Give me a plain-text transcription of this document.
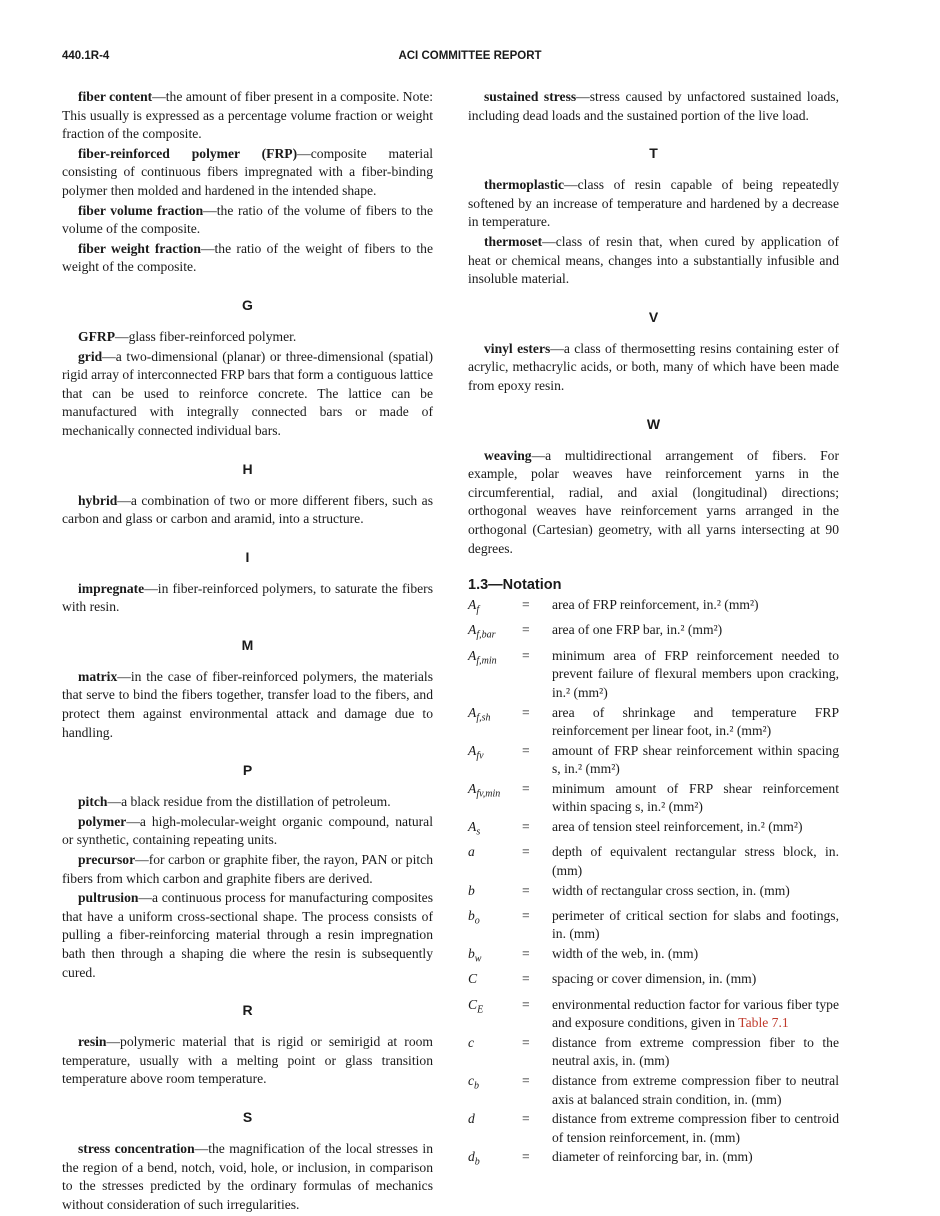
440.1R-4	ACI COMMITTEE REPORT

fiber content—the amount of fiber present in a composite. Note: This usually is expressed as a percentage volume fraction or weight fraction of the composite.

fiber-reinforced polymer (FRP)—composite material consisting of continuous fibers impregnated with a fiber-binding polymer then molded and hardened in the intended shape.

fiber volume fraction—the ratio of the volume of fibers to the volume of the composite.

fiber weight fraction—the ratio of the weight of fibers to the weight of the composite.

G

GFRP—glass fiber-reinforced polymer.

grid—a two-dimensional (planar) or three-dimensional (spatial) rigid array of interconnected FRP bars that form a contiguous lattice that can be used to reinforce concrete. The lattice can be manufactured with integrally connected bars or made of mechanically connected individual bars.

H

hybrid—a combination of two or more different fibers, such as carbon and glass or carbon and aramid, into a structure.

I

impregnate—in fiber-reinforced polymers, to saturate the fibers with resin.

M

matrix—in the case of fiber-reinforced polymers, the materials that serve to bind the fibers together, transfer load to the fibers, and protect them against environmental attack and damage due to handling.

P

pitch—a black residue from the distillation of petroleum.

polymer—a high-molecular-weight organic compound, natural or synthetic, containing repeating units.

precursor—for carbon or graphite fiber, the rayon, PAN or pitch fibers from which carbon and graphite fibers are derived.

pultrusion—a continuous process for manufacturing composites that have a uniform cross-sectional shape. The process consists of pulling a fiber-reinforcing material through a resin impregnation bath then through a shaping die where the resin is subsequently cured.

R

resin—polymeric material that is rigid or semirigid at room temperature, usually with a melting point or glass transition temperature above room temperature.

S

stress concentration—the magnification of the local stresses in the region of a bend, notch, void, hole, or inclusion, in comparison to the stresses predicted by the ordinary formulas of mechanics without consideration of such irregularities.

sustained stress—stress caused by unfactored sustained loads, including dead loads and the sustained portion of the live load.

T

thermoplastic—class of resin capable of being repeatedly softened by an increase of temperature and hardened by a decrease in temperature.

thermoset—class of resin that, when cured by application of heat or chemical means, changes into a substantially infusible and insoluble material.

V

vinyl esters—a class of thermosetting resins containing ester of acrylic, methacrylic acids, or both, many of which have been made from epoxy resin.

W

weaving—a multidirectional arrangement of fibers. For example, polar weaves have reinforcement yarns in the circumferential, radial, and axial (longitudinal) directions; orthogonal weaves have reinforcement yarns arranged in the orthogonal (Cartesian) geometry, with all yarns intersecting at 90 degrees.

1.3—Notation
$A_f$	=	area of FRP reinforcement, in.² (mm²)
$A_{f,bar}$	=	area of one FRP bar, in.² (mm²)
$A_{f,min}$	=	minimum area of FRP reinforcement needed to prevent failure of flexural members upon cracking, in.² (mm²)
$A_{f,sh}$	=	area of shrinkage and temperature FRP reinforcement per linear foot, in.² (mm²)
$A_{fv}$	=	amount of FRP shear reinforcement within spacing s, in.² (mm²)
$A_{fv,min}$	=	minimum amount of FRP shear reinforcement within spacing s, in.² (mm²)
$A_s$	=	area of tension steel reinforcement, in.² (mm²)
a	=	depth of equivalent rectangular stress block, in. (mm)
b	=	width of rectangular cross section, in. (mm)
$b_o$	=	perimeter of critical section for slabs and footings, in. (mm)
$b_w$	=	width of the web, in. (mm)
C	=	spacing or cover dimension, in. (mm)
$C_E$	=	environmental reduction factor for various fiber type and exposure conditions, given in Table 7.1
c	=	distance from extreme compression fiber to the neutral axis, in. (mm)
$c_b$	=	distance from extreme compression fiber to neutral axis at balanced strain condition, in. (mm)
d	=	distance from extreme compression fiber to centroid of tension reinforcement, in. (mm)
$d_b$	=	diameter of reinforcing bar, in. (mm)
